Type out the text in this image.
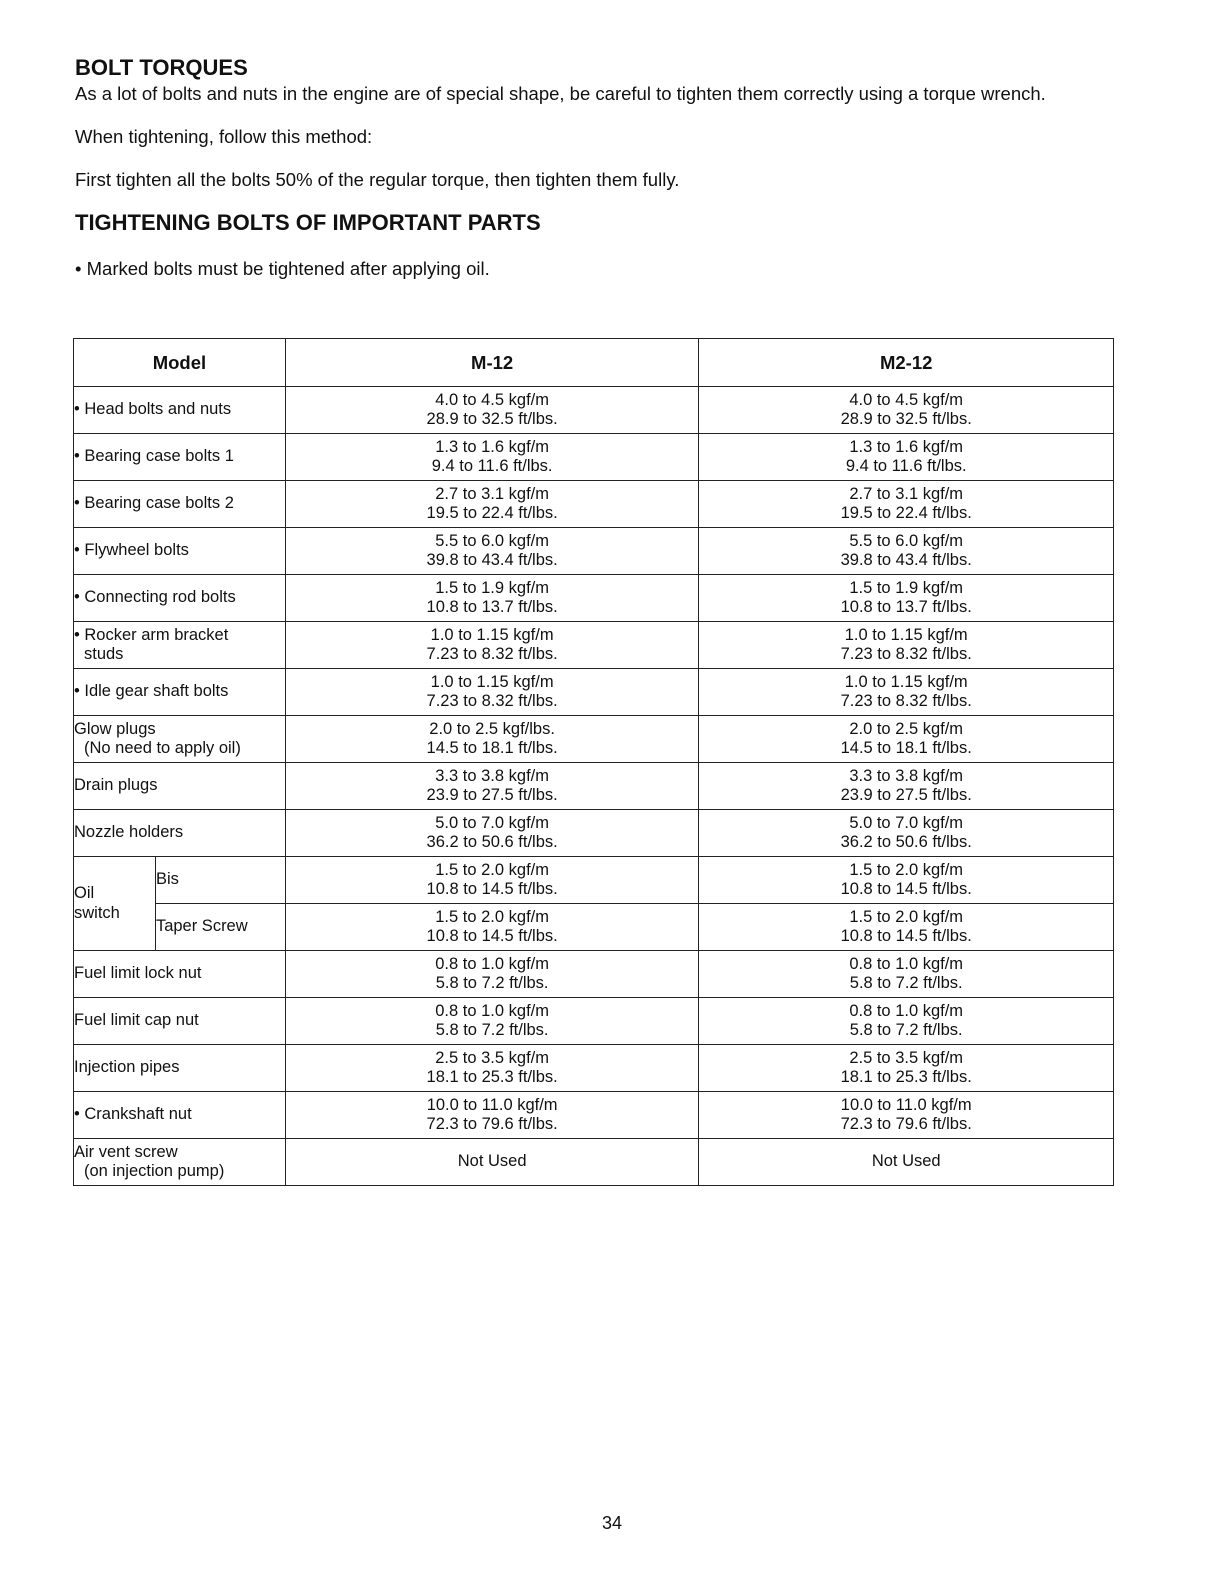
BOLT TORQUES

As a lot of bolts and nuts in the engine are of special shape, be careful to tighten them correctly using a torque wrench.

When tightening, follow this method:

First tighten all the bolts 50% of the regular torque, then tighten them fully.

TIGHTENING BOLTS OF IMPORTANT PARTS

• Marked bolts must be tightened after applying oil.

Model		M-12	M2-12

• Head bolts and nuts		4.0 to 4.5 kgf/m
28.9 to 32.5 ft/lbs.	4.0 to 4.5 kgf/m
28.9 to 32.5 ft/lbs.

• Bearing case bolts 1		1.3 to 1.6 kgf/m
9.4 to 11.6 ft/lbs.	1.3 to 1.6 kgf/m
9.4 to 11.6 ft/lbs.

• Bearing case bolts 2		2.7 to 3.1 kgf/m
19.5 to 22.4 ft/lbs.	2.7 to 3.1 kgf/m
19.5 to 22.4 ft/lbs.

• Flywheel bolts		5.5 to 6.0 kgf/m
39.8 to 43.4 ft/lbs.	5.5 to 6.0 kgf/m
39.8 to 43.4 ft/lbs.

• Connecting rod bolts		1.5 to 1.9 kgf/m
10.8 to 13.7 ft/lbs.	1.5 to 1.9 kgf/m
10.8 to 13.7 ft/lbs.

• Rocker arm bracket
studs		1.0 to 1.15 kgf/m
7.23 to 8.32 ft/lbs.	1.0 to 1.15 kgf/m
7.23 to 8.32 ft/lbs.

• Idle gear shaft bolts		1.0 to 1.15 kgf/m
7.23 to 8.32 ft/lbs.	1.0 to 1.15 kgf/m
7.23 to 8.32 ft/lbs.

Glow plugs
(No need to apply oil)		2.0 to 2.5 kgf/lbs.
14.5 to 18.1 ft/lbs.	2.0 to 2.5 kgf/m
14.5 to 18.1 ft/lbs.

Drain plugs		3.3 to 3.8 kgf/m
23.9 to 27.5 ft/lbs.	3.3 to 3.8 kgf/m
23.9 to 27.5 ft/lbs.

Nozzle holders		5.0 to 7.0 kgf/m
36.2 to 50.6 ft/lbs.	5.0 to 7.0 kgf/m
36.2 to 50.6 ft/lbs.

Oil
switch	Bis	1.5 to 2.0 kgf/m
10.8 to 14.5 ft/lbs.	1.5 to 2.0 kgf/m
10.8 to 14.5 ft/lbs.

	Taper Screw	1.5 to 2.0 kgf/m
10.8 to 14.5 ft/lbs.	1.5 to 2.0 kgf/m
10.8 to 14.5 ft/lbs.

Fuel limit lock nut		0.8 to 1.0 kgf/m
5.8 to 7.2 ft/lbs.	0.8 to 1.0 kgf/m
5.8 to 7.2 ft/lbs.

Fuel limit cap nut		0.8 to 1.0 kgf/m
5.8 to 7.2 ft/lbs.	0.8 to 1.0 kgf/m
5.8 to 7.2 ft/lbs.

Injection pipes		2.5 to 3.5 kgf/m
18.1 to 25.3 ft/lbs.	2.5 to 3.5 kgf/m
18.1 to 25.3 ft/lbs.

• Crankshaft nut		10.0 to 11.0 kgf/m
72.3 to 79.6 ft/lbs.	10.0 to 11.0 kgf/m
72.3 to 79.6 ft/lbs.

Air vent screw
(on injection pump)		Not Used	Not Used
34
